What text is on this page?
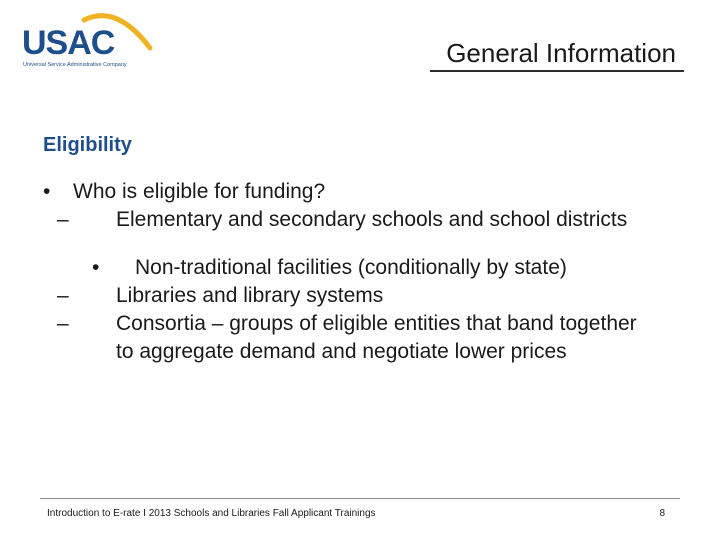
USAC
Universal Service Administrative Company	General Information
Eligibility
• Who is eligible for funding?
–	Elementary and secondary schools and school districts
• Non-traditional facilities (conditionally by state)
–	Libraries and library systems
–	Consortia – groups of eligible entities that band together to aggregate demand and negotiate lower prices
Introduction to E-rate I 2013 Schools and Libraries Fall Applicant Trainings	8
